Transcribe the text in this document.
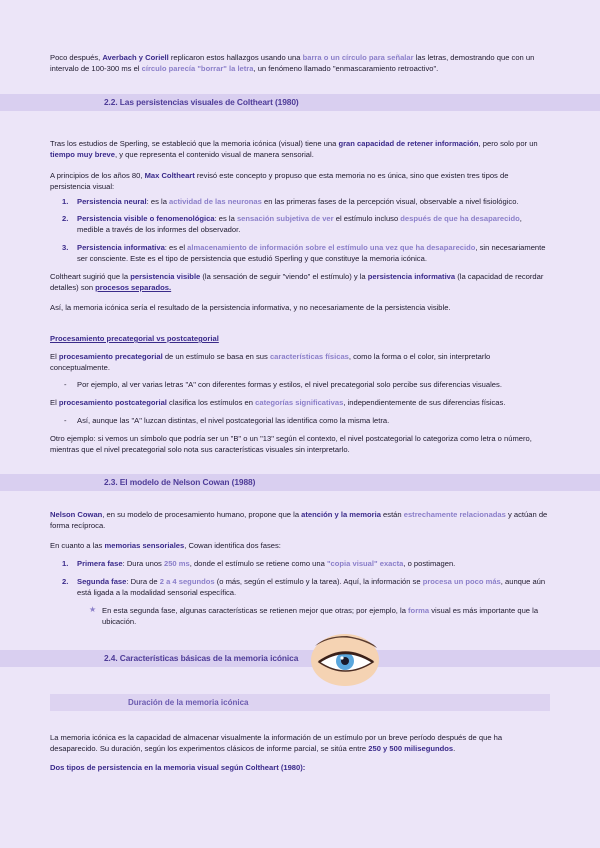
Poco después, Averbach y Coriell replicaron estos hallazgos usando una barra o un círculo para señalar las letras, demostrando que con un intervalo de 100-300 ms el círculo parecía "borrar" la letra, un fenómeno llamado "enmascaramiento retroactivo".
2.2. Las persistencias visuales de Coltheart (1980)
Tras los estudios de Sperling, se estableció que la memoria icónica (visual) tiene una gran capacidad de retener información, pero solo por un tiempo muy breve, y que representa el contenido visual de manera sensorial.
A principios de los años 80, Max Coltheart revisó este concepto y propuso que esta memoria no es única, sino que existen tres tipos de persistencia visual:
1. Persistencia neural: es la actividad de las neuronas en las primeras fases de la percepción visual, observable a nivel fisiológico.
2. Persistencia visible o fenomenológica: es la sensación subjetiva de ver el estímulo incluso después de que ha desaparecido, medible a través de los informes del observador.
3. Persistencia informativa: es el almacenamiento de información sobre el estímulo una vez que ha desaparecido, sin necesariamente ser consciente. Este es el tipo de persistencia que estudió Sperling y que constituye la memoria icónica.
Coltheart sugirió que la persistencia visible (la sensación de seguir "viendo" el estímulo) y la persistencia informativa (la capacidad de recordar detalles) son procesos separados.
Así, la memoria icónica sería el resultado de la persistencia informativa, y no necesariamente de la persistencia visible.
Procesamiento precategorial vs postcategorial
El procesamiento precategorial de un estímulo se basa en sus características físicas, como la forma o el color, sin interpretarlo conceptualmente.
- Por ejemplo, al ver varias letras "A" con diferentes formas y estilos, el nivel precategorial solo percibe sus diferencias visuales.
El procesamiento postcategorial clasifica los estímulos en categorías significativas, independientemente de sus diferencias físicas.
- Así, aunque las "A" luzcan distintas, el nivel postcategorial las identifica como la misma letra.
Otro ejemplo: si vemos un símbolo que podría ser un "B" o un "13" según el contexto, el nivel postcategorial lo categoriza como letra o número, mientras que el nivel precategorial solo nota sus características visuales sin interpretarlo.
2.3. El modelo de Nelson Cowan (1988)
Nelson Cowan, en su modelo de procesamiento humano, propone que la atención y la memoria están estrechamente relacionadas y actúan de forma recíproca.
En cuanto a las memorias sensoriales, Cowan identifica dos fases:
1. Primera fase: Dura unos 250 ms, donde el estímulo se retiene como una "copia visual" exacta, o postimagen.
2. Segunda fase: Dura de 2 a 4 segundos (o más, según el estímulo y la tarea). Aquí, la información se procesa un poco más, aunque aún está ligada a la modalidad sensorial específica.
★ En esta segunda fase, algunas características se retienen mejor que otras; por ejemplo, la forma visual es más importante que la ubicación.
2.4. Características básicas de la memoria icónica
Duración de la memoria icónica
La memoria icónica es la capacidad de almacenar visualmente la información de un estímulo por un breve período después de que ha desaparecido. Su duración, según los experimentos clásicos de informe parcial, se sitúa entre 250 y 500 milisegundos.
Dos tipos de persistencia en la memoria visual según Coltheart (1980):
